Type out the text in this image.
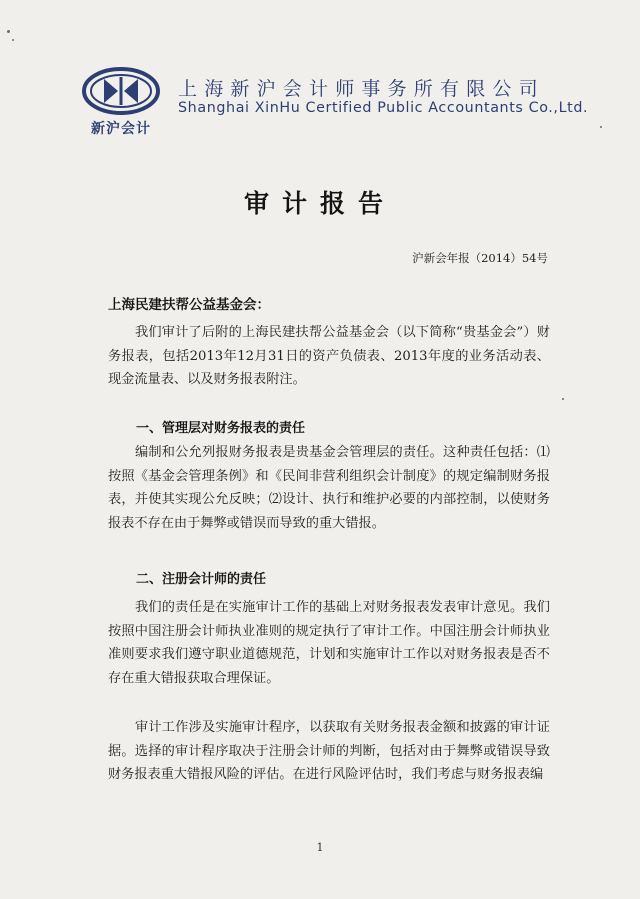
新沪会计
上海新沪会计师事务所有限公司
Shanghai XinHu Certified Public Accountants Co.,Ltd.
审计报告
沪新会年报（2014）54号
上海民建扶帮公益基金会：
我们审计了后附的上海民建扶帮公益基金会（以下简称“贵基金会”）财务报表，包括2013年12月31日的资产负债表、2013年度的业务活动表、现金流量表、以及财务报表附注。
一、管理层对财务报表的责任
编制和公允列报财务报表是贵基金会管理层的责任。这种责任包括：⑴按照《基金会管理条例》和《民间非营利组织会计制度》的规定编制财务报表，并使其实现公允反映；⑵设计、执行和维护必要的内部控制，以使财务报表不存在由于舞弊或错误而导致的重大错报。
二、注册会计师的责任
我们的责任是在实施审计工作的基础上对财务报表发表审计意见。我们按照中国注册会计师执业准则的规定执行了审计工作。中国注册会计师执业准则要求我们遵守职业道德规范，计划和实施审计工作以对财务报表是否不存在重大错报获取合理保证。
审计工作涉及实施审计程序，以获取有关财务报表金额和披露的审计证据。选择的审计程序取决于注册会计师的判断，包括对由于舞弊或错误导致财务报表重大错报风险的评估。在进行风险评估时，我们考虑与财务报表编
1
